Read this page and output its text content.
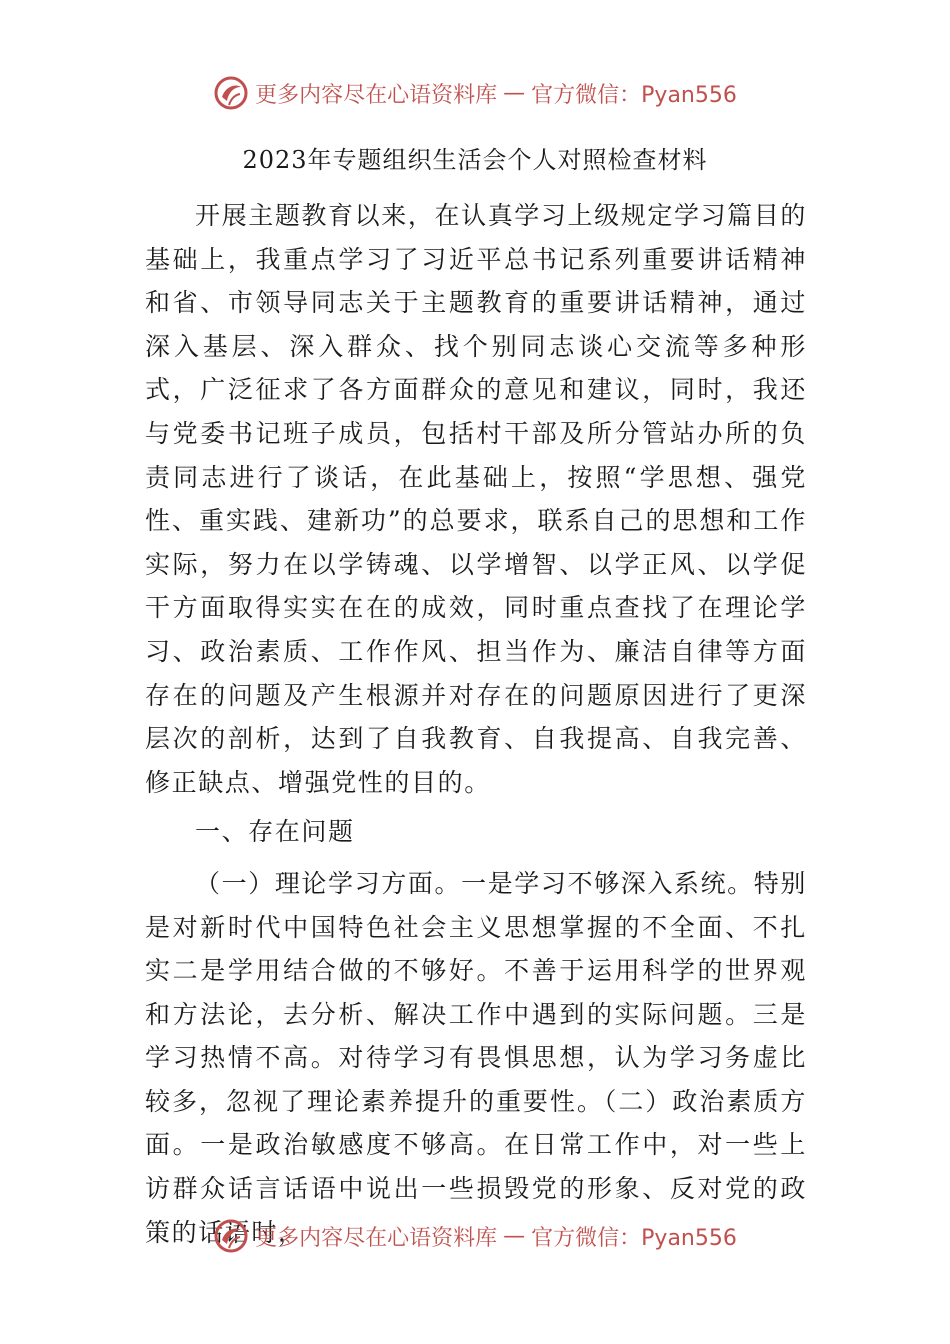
更多内容尽在心语资料库 — 官方微信：Pyan556
2023年专题组织生活会个人对照检查材料

开展主题教育以来，在认真学习上级规定学习篇目的基础上，我重点学习了习近平总书记系列重要讲话精神和省、市领导同志关于主题教育的重要讲话精神，通过深入基层、深入群众、找个别同志谈心交流等多种形式，广泛征求了各方面群众的意见和建议，同时，我还与党委书记班子成员，包括村干部及所分管站办所的负责同志进行了谈话，在此基础上，按照“学思想、强党性、重实践、建新功”的总要求，联系自己的思想和工作实际，努力在以学铸魂、以学增智、以学正风、以学促干方面取得实实在在的成效，同时重点查找了在理论学习、政治素质、工作作风、担当作为、廉洁自律等方面存在的问题及产生根源并对存在的问题原因进行了更深层次的剖析，达到了自我教育、自我提高、自我完善、修正缺点、增强党性的目的。

一、存在问题

（一）理论学习方面。一是学习不够深入系统。特别是对新时代中国特色社会主义思想掌握的不全面、不扎实二是学用结合做的不够好。不善于运用科学的世界观和方法论，去分析、解决工作中遇到的实际问题。三是学习热情不高。对待学习有畏惧思想，认为学习务虚比较多，忽视了理论素养提升的重要性。（二）政治素质方面。一是政治敏感度不够高。在日常工作中，对一些上访群众话言话语中说出一些损毁党的形象、反对党的政策的话语时，

更多内容尽在心语资料库 — 官方微信：Pyan556
